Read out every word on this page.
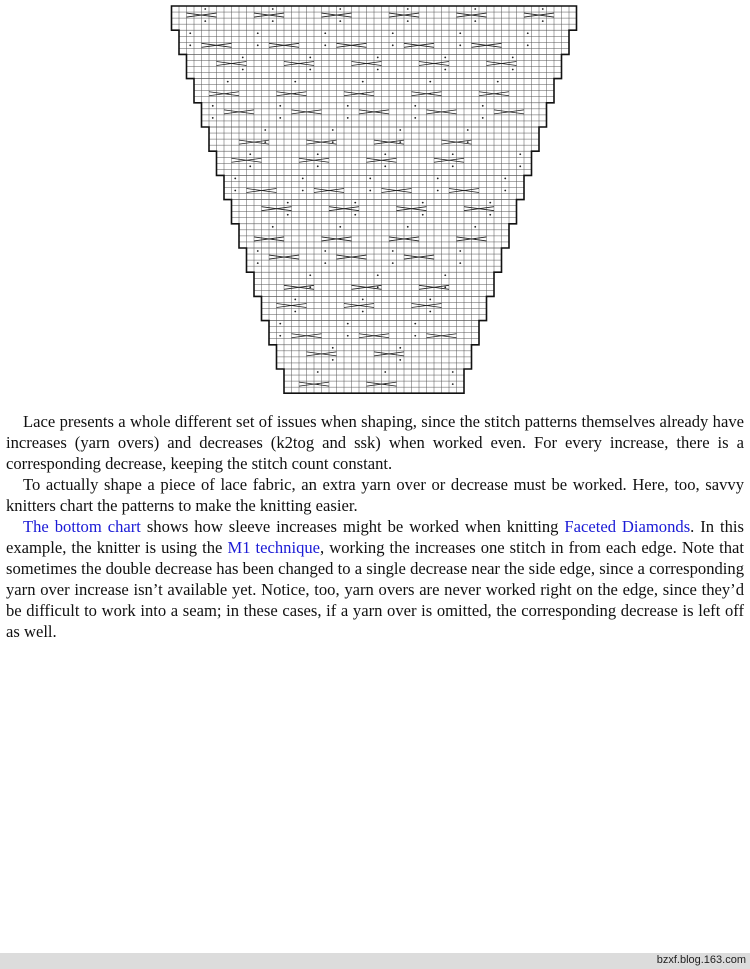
Lace presents a whole different set of issues when shaping, since the stitch patterns themselves already have increases (yarn overs) and decreases (k2tog and ssk) when worked even. For every increase, there is a corresponding decrease, keeping the stitch count constant.

To actually shape a piece of lace fabric, an extra yarn over or decrease must be worked. Here, too, savvy knitters chart the patterns to make the knitting easier.

The bottom chart shows how sleeve increases might be worked when knitting Faceted Diamonds. In this example, the knitter is using the M1 technique, working the increases one stitch in from each edge. Note that sometimes the double decrease has been changed to a single decrease near the side edge, since a corresponding yarn over increase isn’t available yet. Notice, too, yarn overs are never worked right on the edge, since they’d be difficult to work into a seam; in these cases, if a yarn over is omitted, the corresponding decrease is left off as well.

bzxf.blog.163.com
